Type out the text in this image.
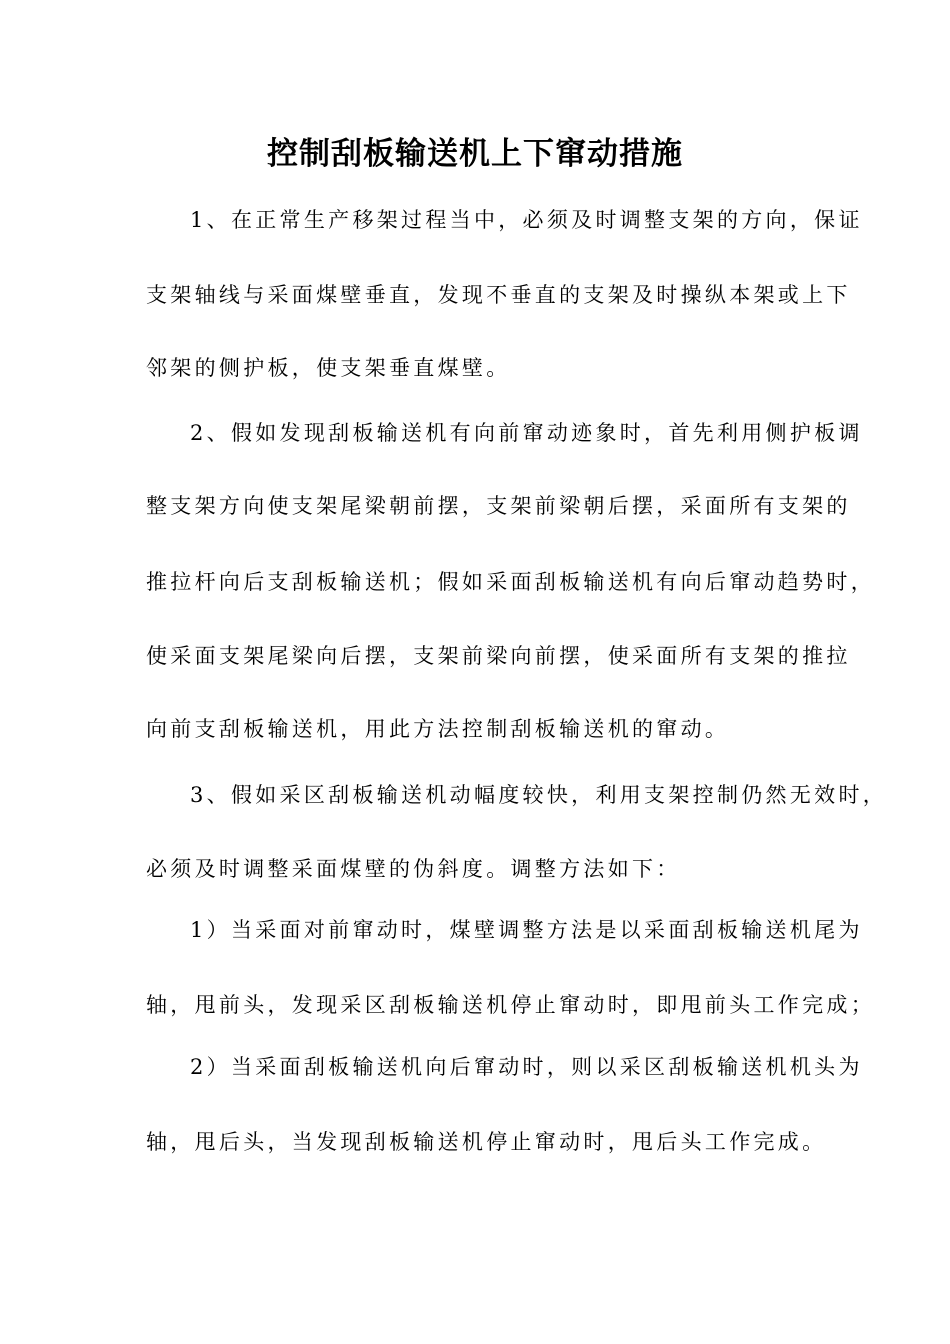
控制刮板输送机上下窜动措施
1、在正常生产移架过程当中，必须及时调整支架的方向，保证
支架轴线与采面煤壁垂直，发现不垂直的支架及时操纵本架或上下
邻架的侧护板，使支架垂直煤壁。
2、假如发现刮板输送机有向前窜动迹象时，首先利用侧护板调
整支架方向使支架尾梁朝前摆，支架前梁朝后摆，采面所有支架的
推拉杆向后支刮板输送机；假如采面刮板输送机有向后窜动趋势时，
使采面支架尾梁向后摆，支架前梁向前摆，使采面所有支架的推拉
向前支刮板输送机，用此方法控制刮板输送机的窜动。
3、假如采区刮板输送机动幅度较快，利用支架控制仍然无效时，
必须及时调整采面煤壁的伪斜度。调整方法如下：
1）当采面对前窜动时，煤壁调整方法是以采面刮板输送机尾为
轴，甩前头，发现采区刮板输送机停止窜动时，即甩前头工作完成；
2）当采面刮板输送机向后窜动时，则以采区刮板输送机机头为
轴，甩后头，当发现刮板输送机停止窜动时，甩后头工作完成。
